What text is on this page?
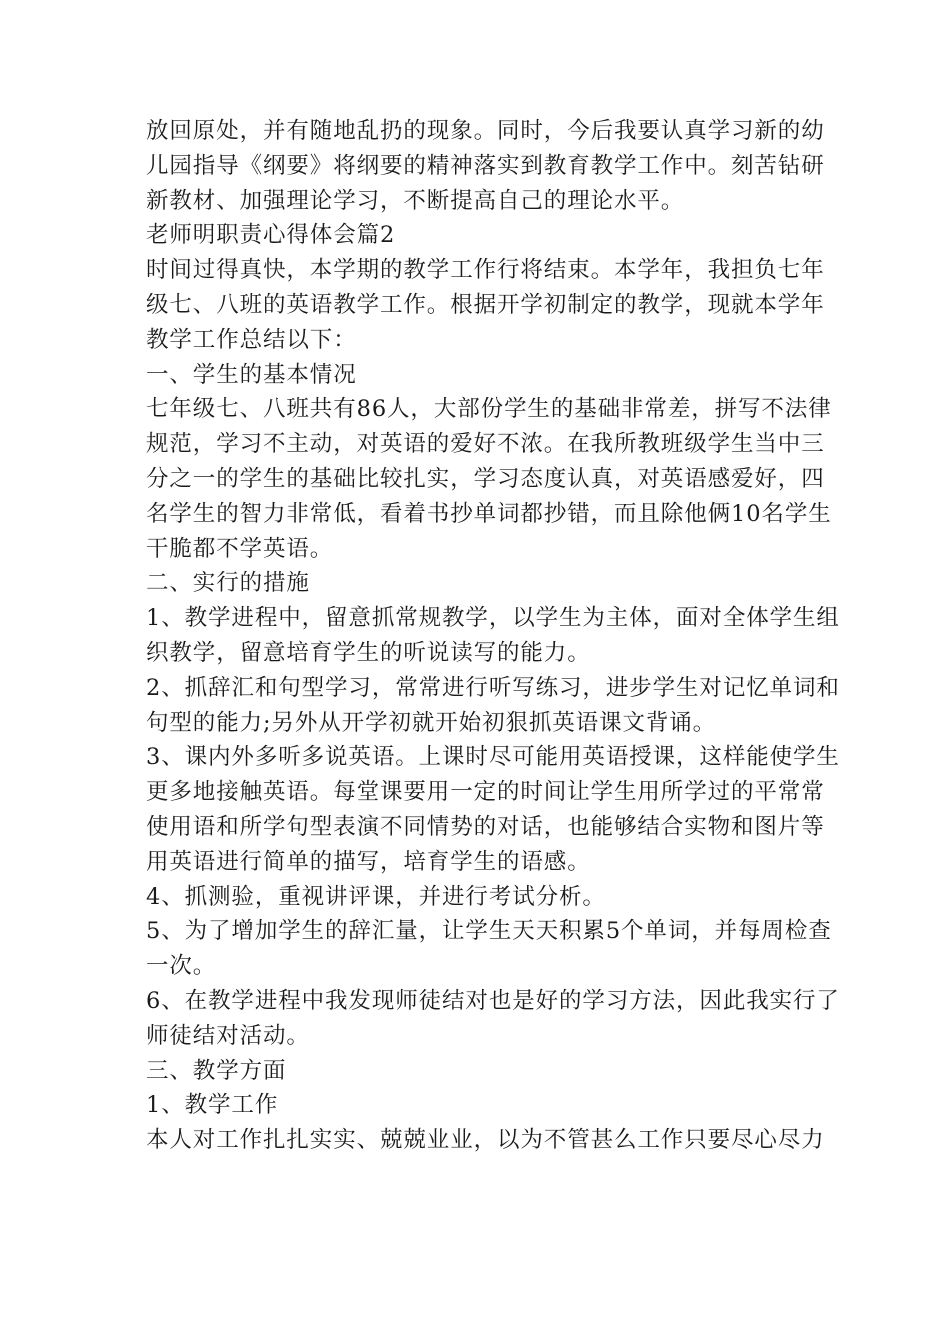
放回原处，并有随地乱扔的现象。同时，今后我要认真学习新的幼
儿园指导《纲要》将纲要的精神落实到教育教学工作中。刻苦钻研
新教材、加强理论学习，不断提高自己的理论水平。
老师明职责心得体会篇2
时间过得真快，本学期的教学工作行将结束。本学年，我担负七年
级七、八班的英语教学工作。根据开学初制定的教学，现就本学年
教学工作总结以下：
一、学生的基本情况
七年级七、八班共有86人，大部份学生的基础非常差，拼写不法律
规范，学习不主动，对英语的爱好不浓。在我所教班级学生当中三
分之一的学生的基础比较扎实，学习态度认真，对英语感爱好，四
名学生的智力非常低，看着书抄单词都抄错，而且除他俩10名学生
干脆都不学英语。
二、实行的措施
1、教学进程中，留意抓常规教学，以学生为主体，面对全体学生组
织教学，留意培育学生的听说读写的能力。
2、抓辞汇和句型学习，常常进行听写练习，进步学生对记忆单词和
句型的能力;另外从开学初就开始初狠抓英语课文背诵。
3、课内外多听多说英语。上课时尽可能用英语授课，这样能使学生
更多地接触英语。每堂课要用一定的时间让学生用所学过的平常常
使用语和所学句型表演不同情势的对话，也能够结合实物和图片等
用英语进行简单的描写，培育学生的语感。
4、抓测验，重视讲评课，并进行考试分析。
5、为了增加学生的辞汇量，让学生天天积累5个单词，并每周检查
一次。
6、在教学进程中我发现师徒结对也是好的学习方法，因此我实行了
师徒结对活动。
三、教学方面
1、教学工作
本人对工作扎扎实实、兢兢业业，以为不管甚么工作只要尽心尽力
